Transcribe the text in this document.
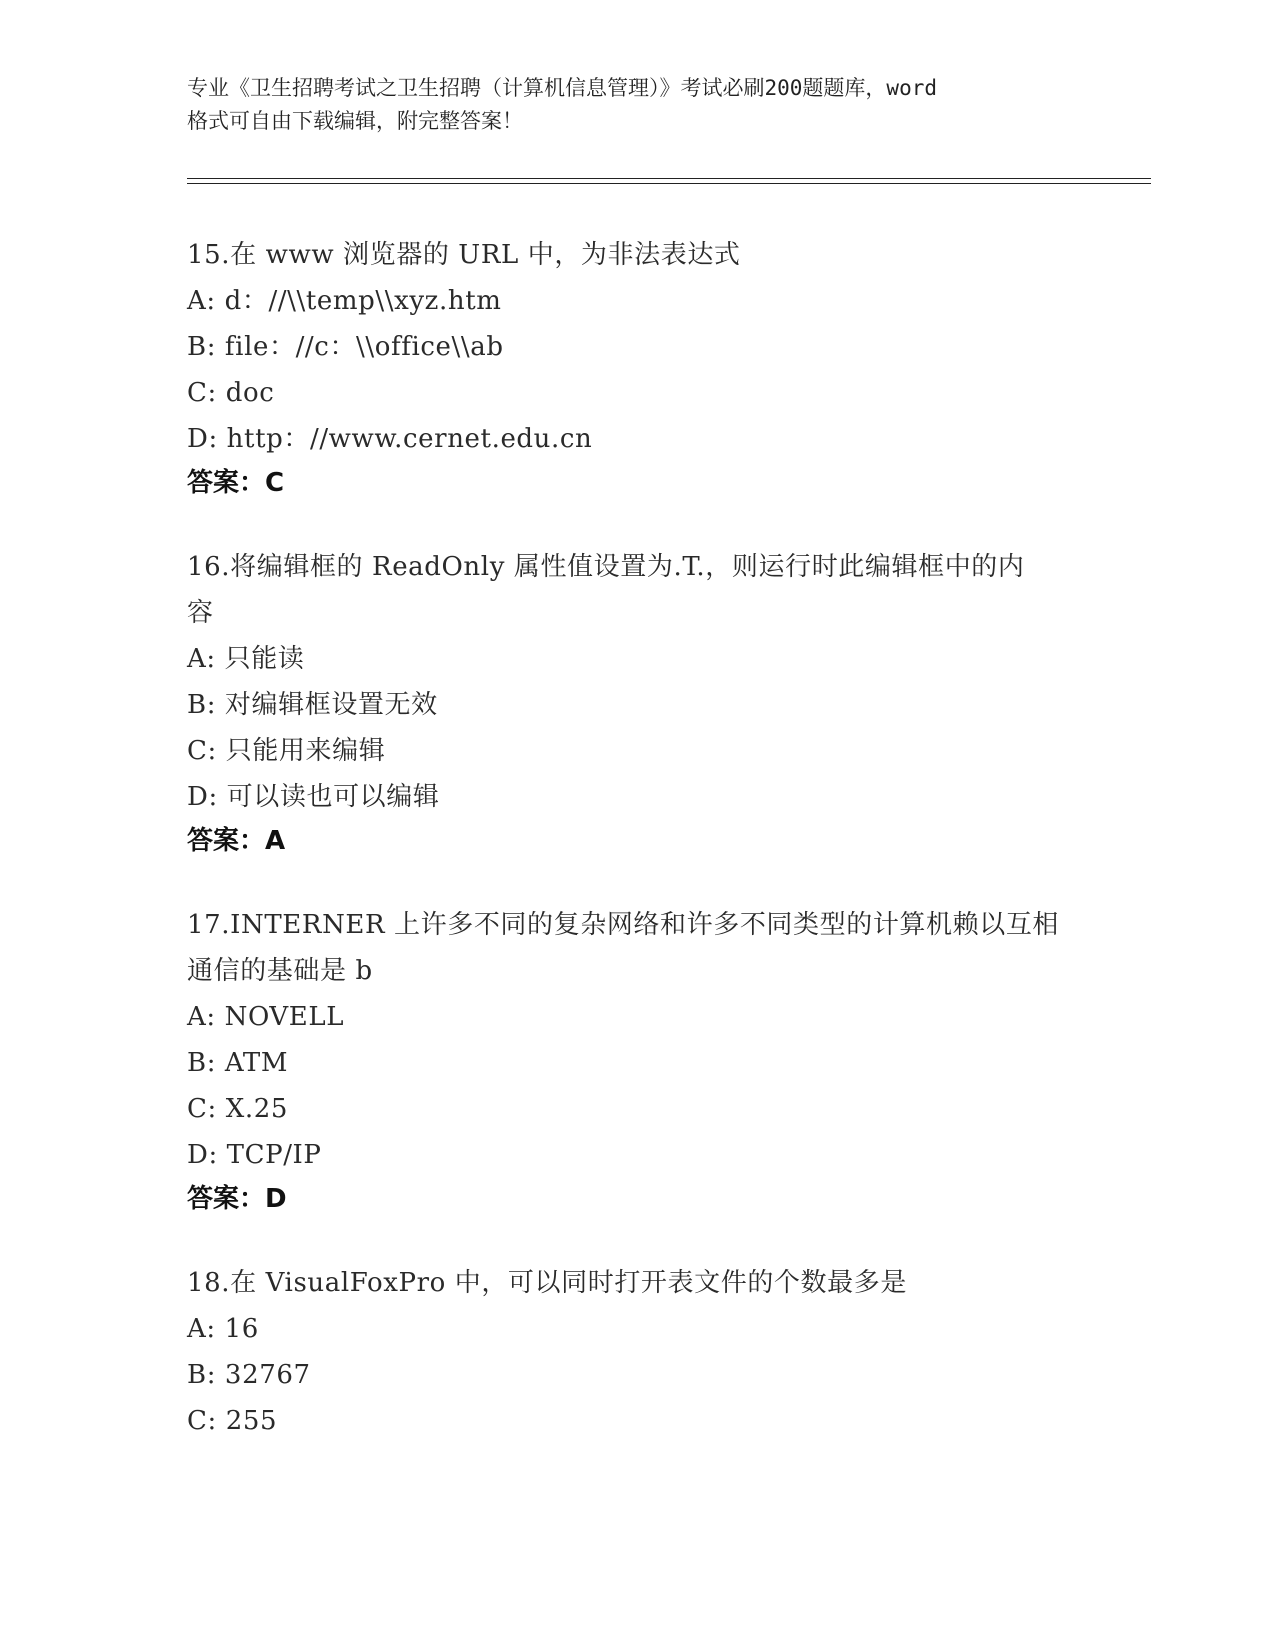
专业《卫生招聘考试之卫生招聘（计算机信息管理）》考试必刷200题题库，word
格式可自由下载编辑，附完整答案！
15.在 www 浏览器的 URL 中，为非法表达式
A: d：//\\temp\\xyz.htm
B: file：//c：\\office\\ab
C: doc
D: http：//www.cernet.edu.cn
答案：C
16.将编辑框的 ReadOnly 属性值设置为.T.，则运行时此编辑框中的内
容
A: 只能读
B: 对编辑框设置无效
C: 只能用来编辑
D: 可以读也可以编辑
答案：A
17.INTERNER 上许多不同的复杂网络和许多不同类型的计算机赖以互相
通信的基础是 b
A: NOVELL
B: ATM
C: X.25
D: TCP/IP
答案：D
18.在 VisualFoxPro 中，可以同时打开表文件的个数最多是
A: 16
B: 32767
C: 255
